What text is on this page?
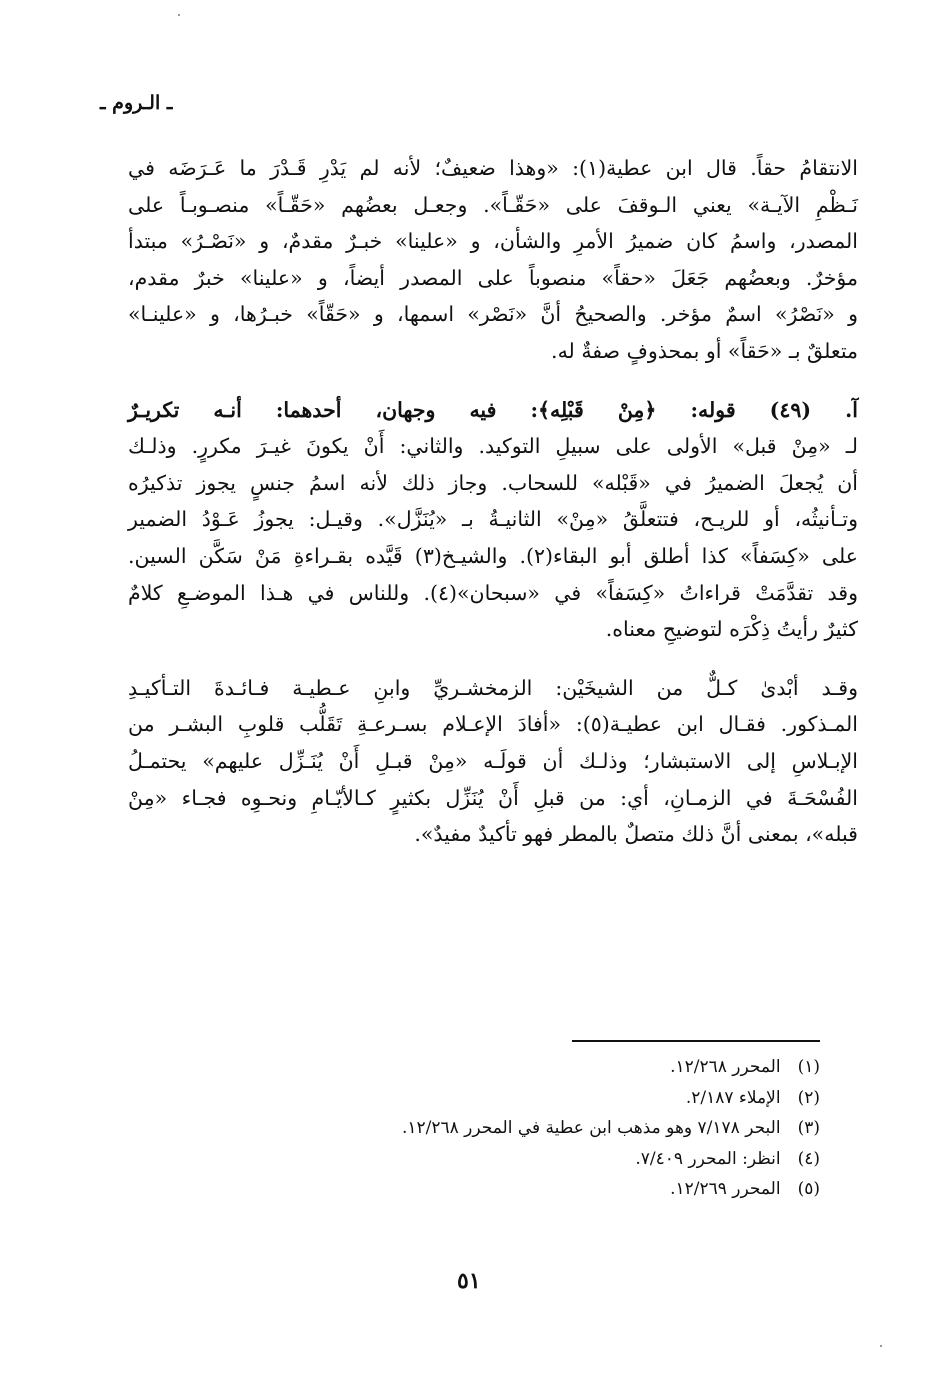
ـ الـروم ـ
الانتقامُ حقاً. قال ابن عطية(١): «وهذا ضعيفٌ؛ لأنه لم يَدْرِ قَـدْرَ ما عَـرَضَه في
نَـظْمِ الآيـة» يعني الـوقفَ على «حَقّـاً». وجعـل بعضُهم «حَقّـاً» منصـوبـاً على
المصدر، واسمُ كان ضميرُ الأمرِ والشأن، و «علينا» خبـرٌ مقدمٌ، و «نَصْـرُ» مبتدأ
مؤخرٌ. وبعضُهم جَعَلَ «حقاً» منصوباً على المصدر أيضاً، و «علينا» خبرٌ مقدم،
و «نَصْرُ» اسمٌ مؤخر. والصحيحُ أنَّ «نَصْر» اسمها، و «حَقّاً» خبـرُها، و «علينـا»
متعلقٌ بـ «حَقاً» أو بمحذوفٍ صفةٌ له.
آ. (٤٩) قوله: ﴿مِنْ قَبْلِه﴾: فيه وجهان، أحدهما: أنـه تكريـرٌ
لـ «مِنْ قبل» الأولى على سبيلِ التوكيد. والثاني: أَنْ يكونَ غيـرَ مكررٍ. وذلـك
أن يُجعلَ الضميرُ في «قَبْله» للسحاب. وجاز ذلك لأنه اسمُ جنسٍ يجوز تذكيرُه
وتـأنيثُه، أو للريـح، فتتعلَّقُ «مِنْ» الثانيـةُ بـ «يُنَزَّل». وقيـل: يجوزُ عَـوْدُ الضمير
على «كِسَفاً» كذا أطلق أبو البقاء(٢). والشيـخ(٣) قَيَّده بقـراءةِ مَنْ سَكَّن السين.
وقد تقدَّمَتْ قراءاتُ «كِسَفاً» في «سبحان»(٤). وللناس في هـذا الموضـعِ كلامٌ
كثيرٌ رأيتُ ذِكْرَه لتوضيحِ معناه.
وقـد أبْدىٰ كـلٌّ من الشيخَيْن: الزمخشـريِّ وابنِ عـطيـة فـائـدةَ التـأكيـدِ
المـذكور. فقـال ابن عطيـة(٥): «أفادَ الإعـلام بسـرعـةِ تَقَلُّب قلوبِ البشـر من
الإبـلاسِ إلى الاستبشار؛ وذلـك أن قولَـه «مِنْ قبـلِ أَنْ يُنَـزِّل عليهم» يحتمـلُ
الفُسْحَـةَ في الزمـانِ، أي: من قبلِ أَنْ يُنَزِّل بكثيرٍ كـالأيّـامِ ونحـوِه فجـاء «مِنْ
قبله»، بمعنى أنَّ ذلك متصلٌ بالمطر فهو تأكيدٌ مفيدٌ».
(١) المحرر ١٢/٢٦٨.
(٢) الإملاء ٢/١٨٧.
(٣) البحر ٧/١٧٨ وهو مذهب ابن عطية في المحرر ١٢/٢٦٨.
(٤) انظر: المحرر ٧/٤٠٩.
(٥) المحرر ١٢/٢٦٩.
٥١
